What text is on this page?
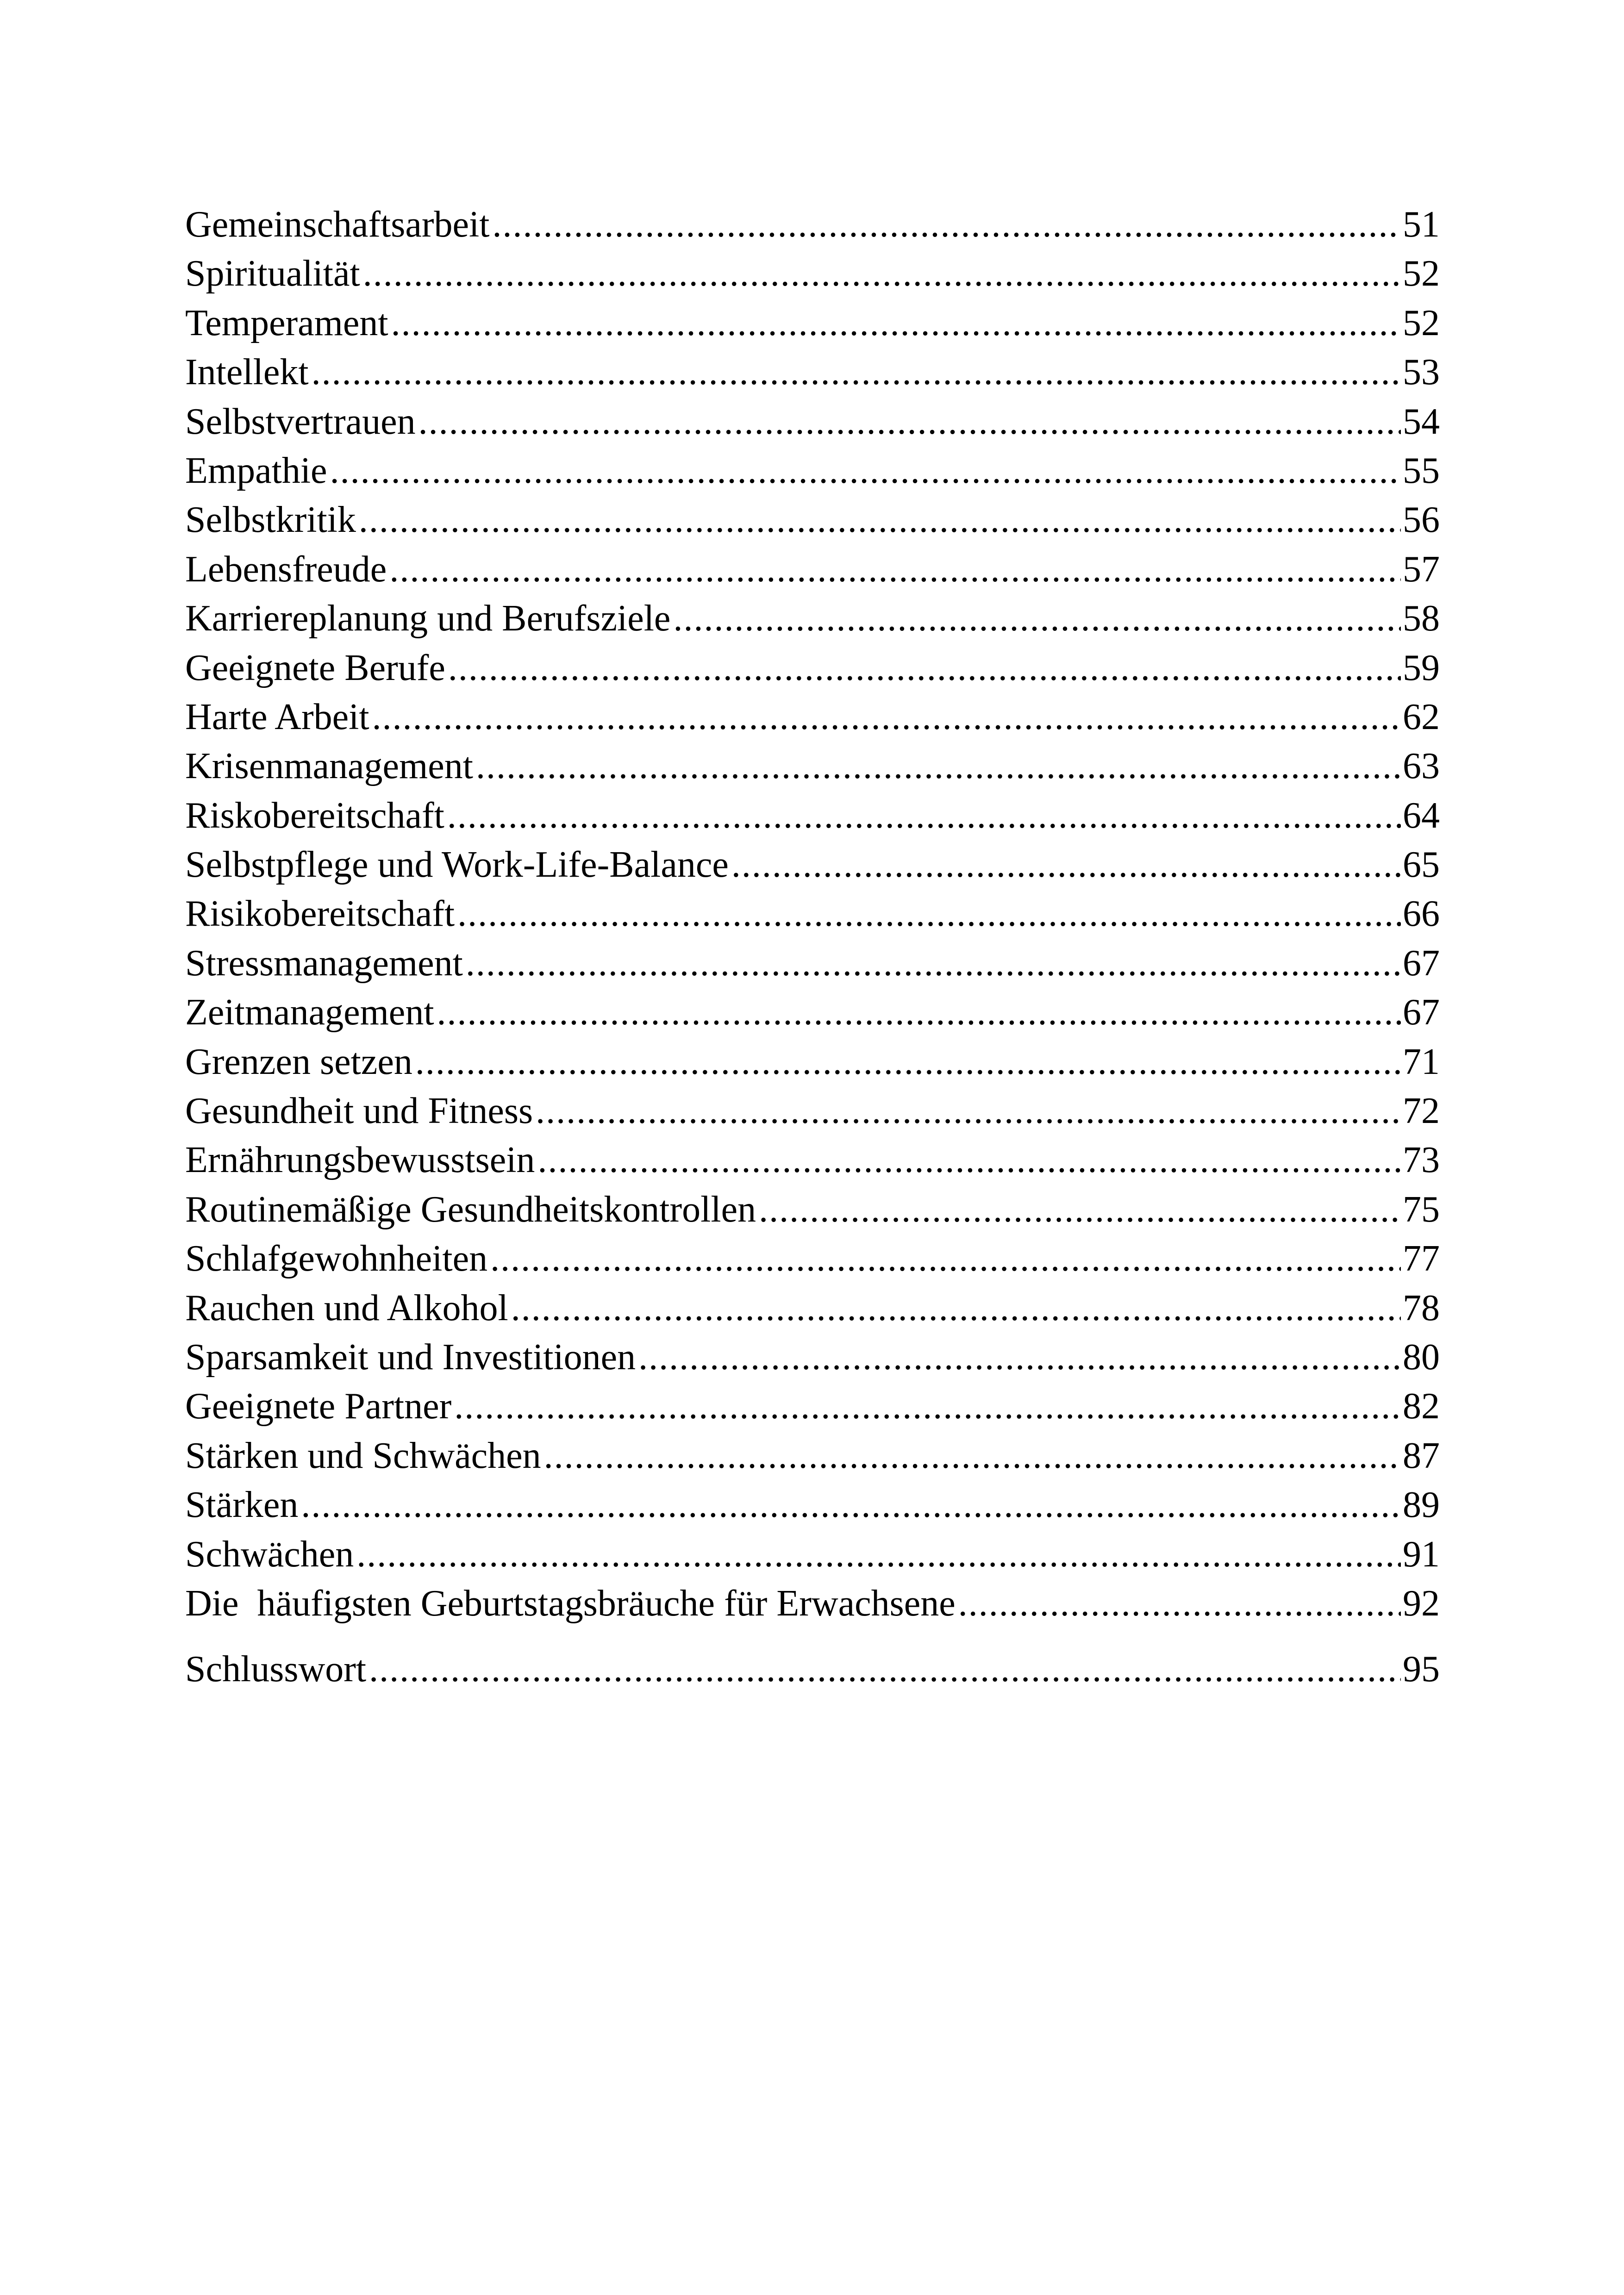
Gemeinschaftsarbeit .....	51
Spiritualität .....	52
Temperament .....	52
Intellekt .....	53
Selbstvertrauen .....	54
Empathie .....	55
Selbstkritik .....	56
Lebensfreude .....	57
Karriereplanung und Berufsziele .....	58
Geeignete Berufe .....	59
Harte Arbeit .....	62
Krisenmanagement .....	63
Riskobereitschaft .....	64
Selbstpflege und Work-Life-Balance .....	65
Risikobereitschaft .....	66
Stressmanagement .....	67
Zeitmanagement .....	67
Grenzen setzen .....	71
Gesundheit und Fitness .....	72
Ernährungsbewusstsein .....	73
Routinemäßige Gesundheitskontrollen .....	75
Schlafgewohnheiten .....	77
Rauchen und Alkohol .....	78
Sparsamkeit und Investitionen .....	80
Geeignete Partner .....	82
Stärken und Schwächen .....	87
Stärken .....	89
Schwächen .....	91
Die  häufigsten Geburtstagsbräuche für Erwachsene .....	92
Schlusswort .....	95
